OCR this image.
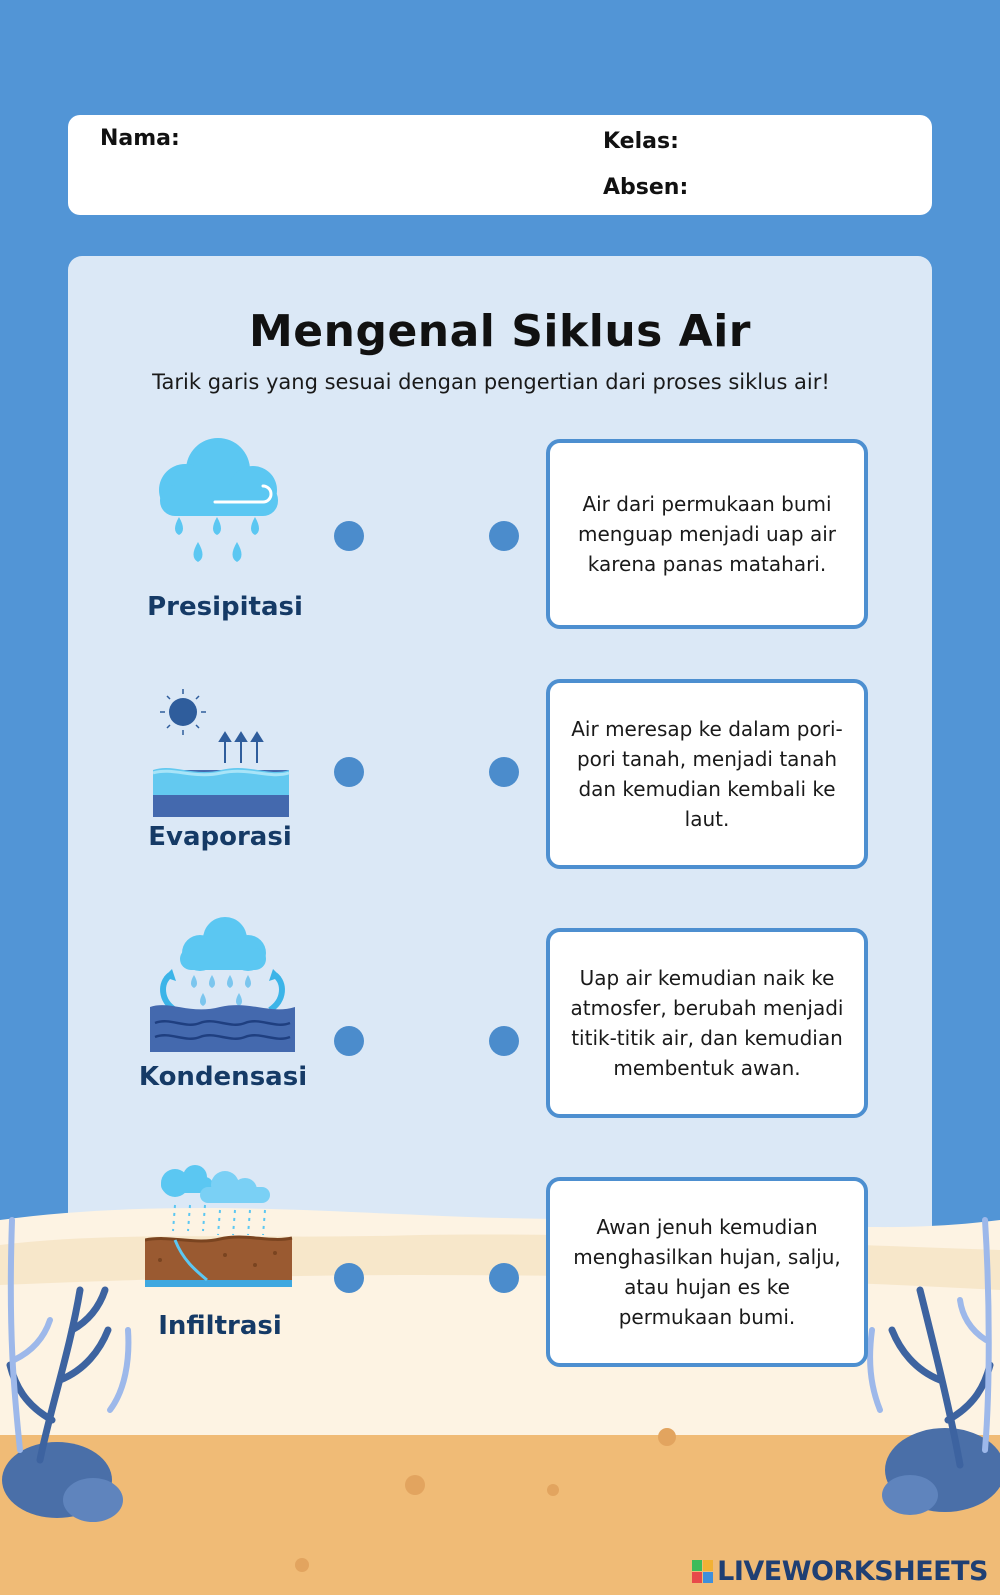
Nama:	Kelas:
Absen:
Mengenal Siklus Air
Tarik garis yang sesuai dengan pengertian dari proses siklus air!
Presipitasi
Evaporasi
Kondensasi
Infiltrasi
Air dari permukaan bumi menguap menjadi uap air karena panas matahari.
Air meresap ke dalam pori-pori tanah, menjadi tanah dan kemudian kembali ke laut.
Uap air kemudian naik ke atmosfer, berubah menjadi titik-titik air, dan kemudian membentuk awan.
Awan jenuh kemudian menghasilkan hujan, salju, atau hujan es ke permukaan bumi.
LIVEWORKSHEETS
